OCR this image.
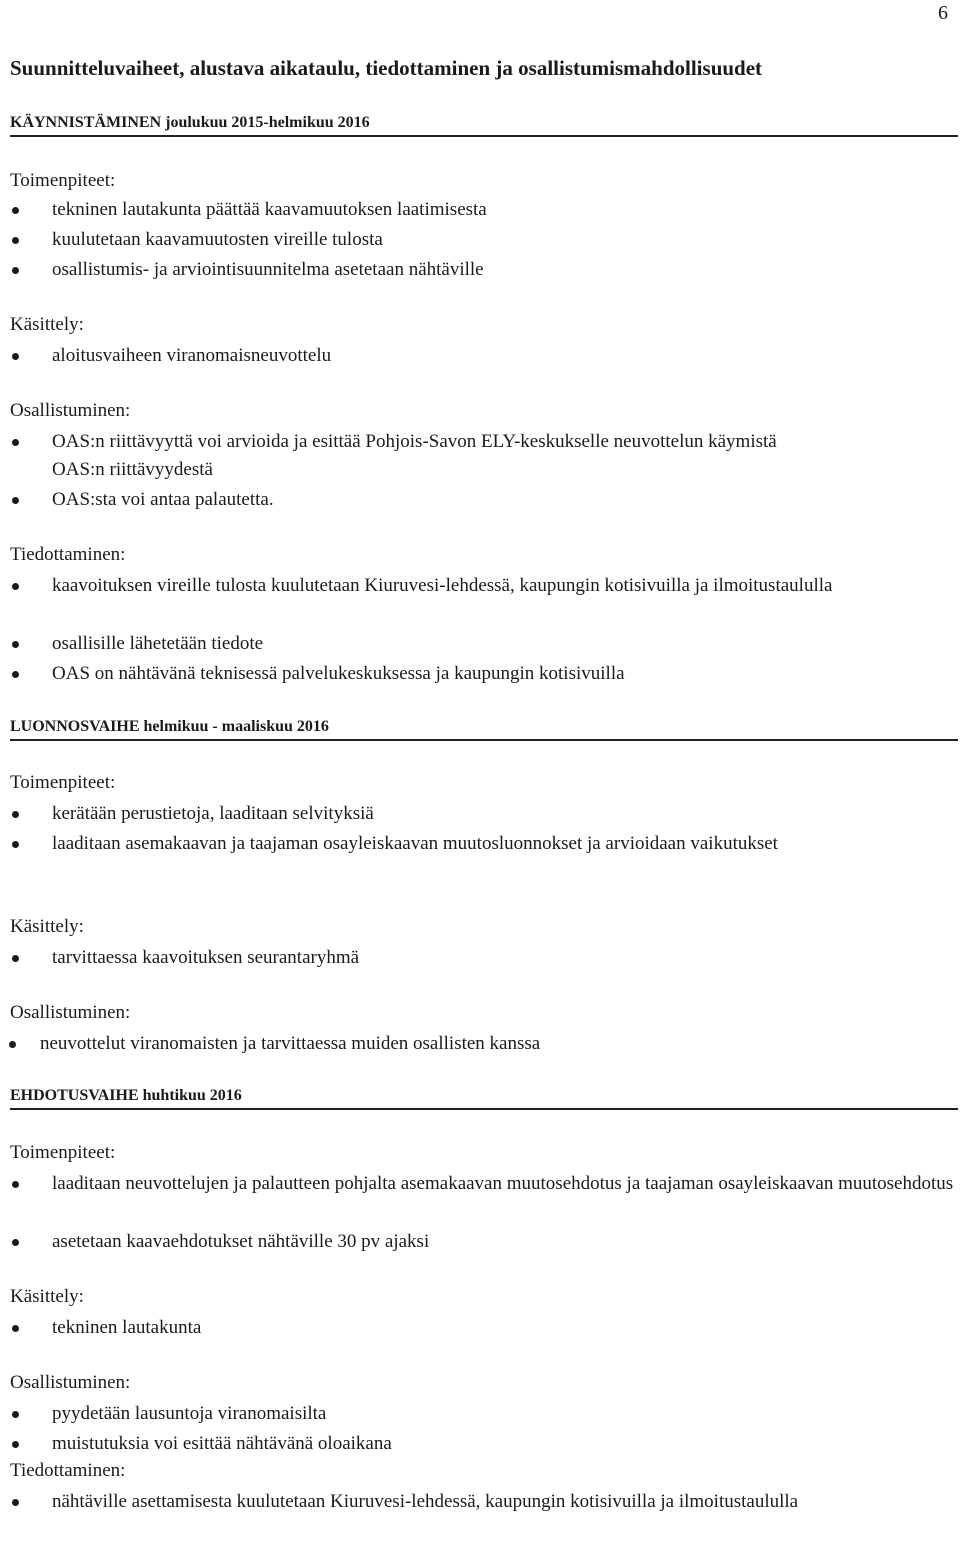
6
Suunnitteluvaiheet, alustava aikataulu, tiedottaminen ja osallistumismahdollisuudet
KÄYNNISTÄMINEN joulukuu 2015-helmikuu 2016
Toimenpiteet:

tekninen lautakunta päättää kaavamuutoksen laatimisesta

kuulutetaan kaavamuutosten vireille tulosta

osallistumis- ja arviointisuunnitelma asetetaan nähtäville

Käsittely:

aloitusvaiheen viranomaisneuvottelu

Osallistuminen:

OAS:n riittävyyttä voi arvioida ja esittää Pohjois-Savon ELY-keskukselle neuvottelun käymistä OAS:n riittävyydestä

OAS:sta voi antaa palautetta.

Tiedottaminen:

kaavoituksen vireille tulosta kuulutetaan Kiuruvesi-lehdessä, kaupungin kotisivuilla ja ilmoitustaululla

osallisille lähetetään tiedote

OAS on nähtävänä teknisessä palvelukeskuksessa ja kaupungin kotisivuilla

LUONNOSVAIHE helmikuu - maaliskuu 2016
Toimenpiteet:

kerätään perustietoja, laaditaan selvityksiä

laaditaan asemakaavan ja taajaman osayleiskaavan muutosluonnokset ja arvioidaan vaikutukset

Käsittely:

tarvittaessa kaavoituksen seurantaryhmä

Osallistuminen:

neuvottelut viranomaisten ja tarvittaessa muiden osallisten kanssa

EHDOTUSVAIHE huhtikuu 2016
Toimenpiteet:

laaditaan neuvottelujen ja palautteen pohjalta asemakaavan muutosehdotus ja taajaman osayleiskaavan muutosehdotus

asetetaan kaavaehdotukset nähtäville 30 pv ajaksi

Käsittely:

tekninen lautakunta

Osallistuminen:

pyydetään lausuntoja viranomaisilta

muistutuksia voi esittää nähtävänä oloaikana

Tiedottaminen:

nähtäville asettamisesta kuulutetaan Kiuruvesi-lehdessä, kaupungin kotisivuilla ja ilmoitustaululla
